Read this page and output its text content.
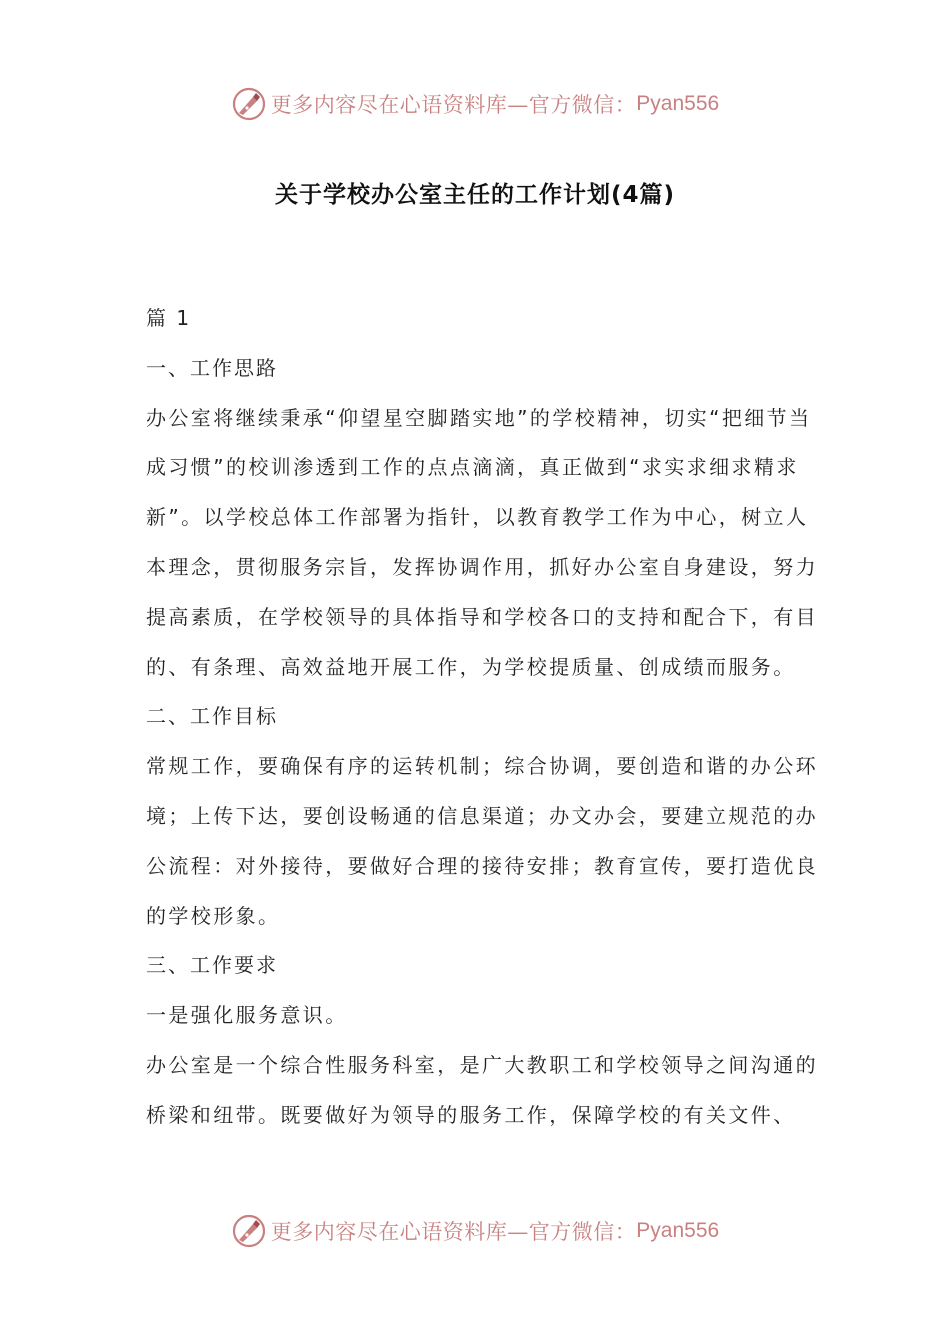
更多内容尽在心语资料库—官方微信： Pyan556
关于学校办公室主任的工作计划(4篇)

篇 1

一、工作思路

办公室将继续秉承“仰望星空脚踏实地”的学校精神，切实“把细节当成习惯”的校训渗透到工作的点点滴滴，真正做到“求实求细求精求新”。以学校总体工作部署为指针，以教育教学工作为中心，树立人本理念，贯彻服务宗旨，发挥协调作用，抓好办公室自身建设，努力提高素质，在学校领导的具体指导和学校各口的支持和配合下，有目的、有条理、高效益地开展工作，为学校提质量、创成绩而服务。

二、工作目标

常规工作，要确保有序的运转机制；综合协调，要创造和谐的办公环境；上传下达，要创设畅通的信息渠道；办文办会，要建立规范的办公流程：对外接待，要做好合理的接待安排；教育宣传，要打造优良的学校形象。

三、工作要求

一是强化服务意识。

办公室是一个综合性服务科室，是广大教职工和学校领导之间沟通的桥梁和纽带。既要做好为领导的服务工作，保障学校的有关文件、

更多内容尽在心语资料库—官方微信： Pyan556
